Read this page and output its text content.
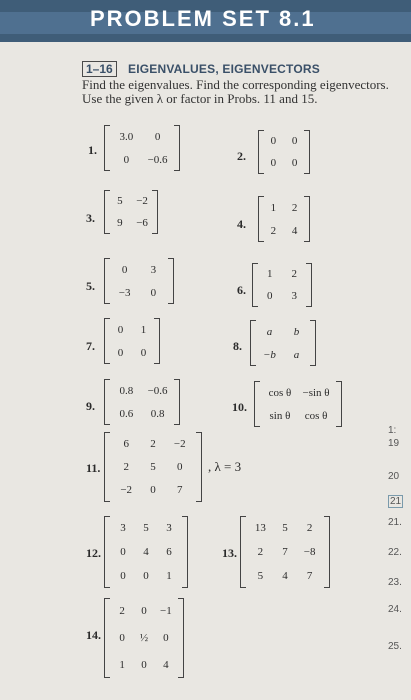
PROBLEM SET 8.1
1–16	EIGENVALUES, EIGENVECTORS
Find the eigenvalues. Find the corresponding eigenvectors. Use the given λ or factor in Probs. 11 and 15.
1.
3.0 0
0 −0.6	2.
0 0
0 0
3.
5 −2
9 −6	4.
1 2
2 4
5.
0 3
−3 0	6.
1 2
0 3
7.
0 1
0 0	8.
a b
−b a
9.
0.8 −0.6
0.6 0.8	10.
cos θ −sin θ
sin θ cos θ
11.
6 2 −2
2 5 0
−2 0 7
, λ = 3
12.
3 5 3
0 4 6
0 0 1
13.
13 5 2
2 7 −8
5 4 7
14.
2 0 −1
0 ½ 0
1 0 4
1:
19
20
21
21.
22.
23.
24.
25.
